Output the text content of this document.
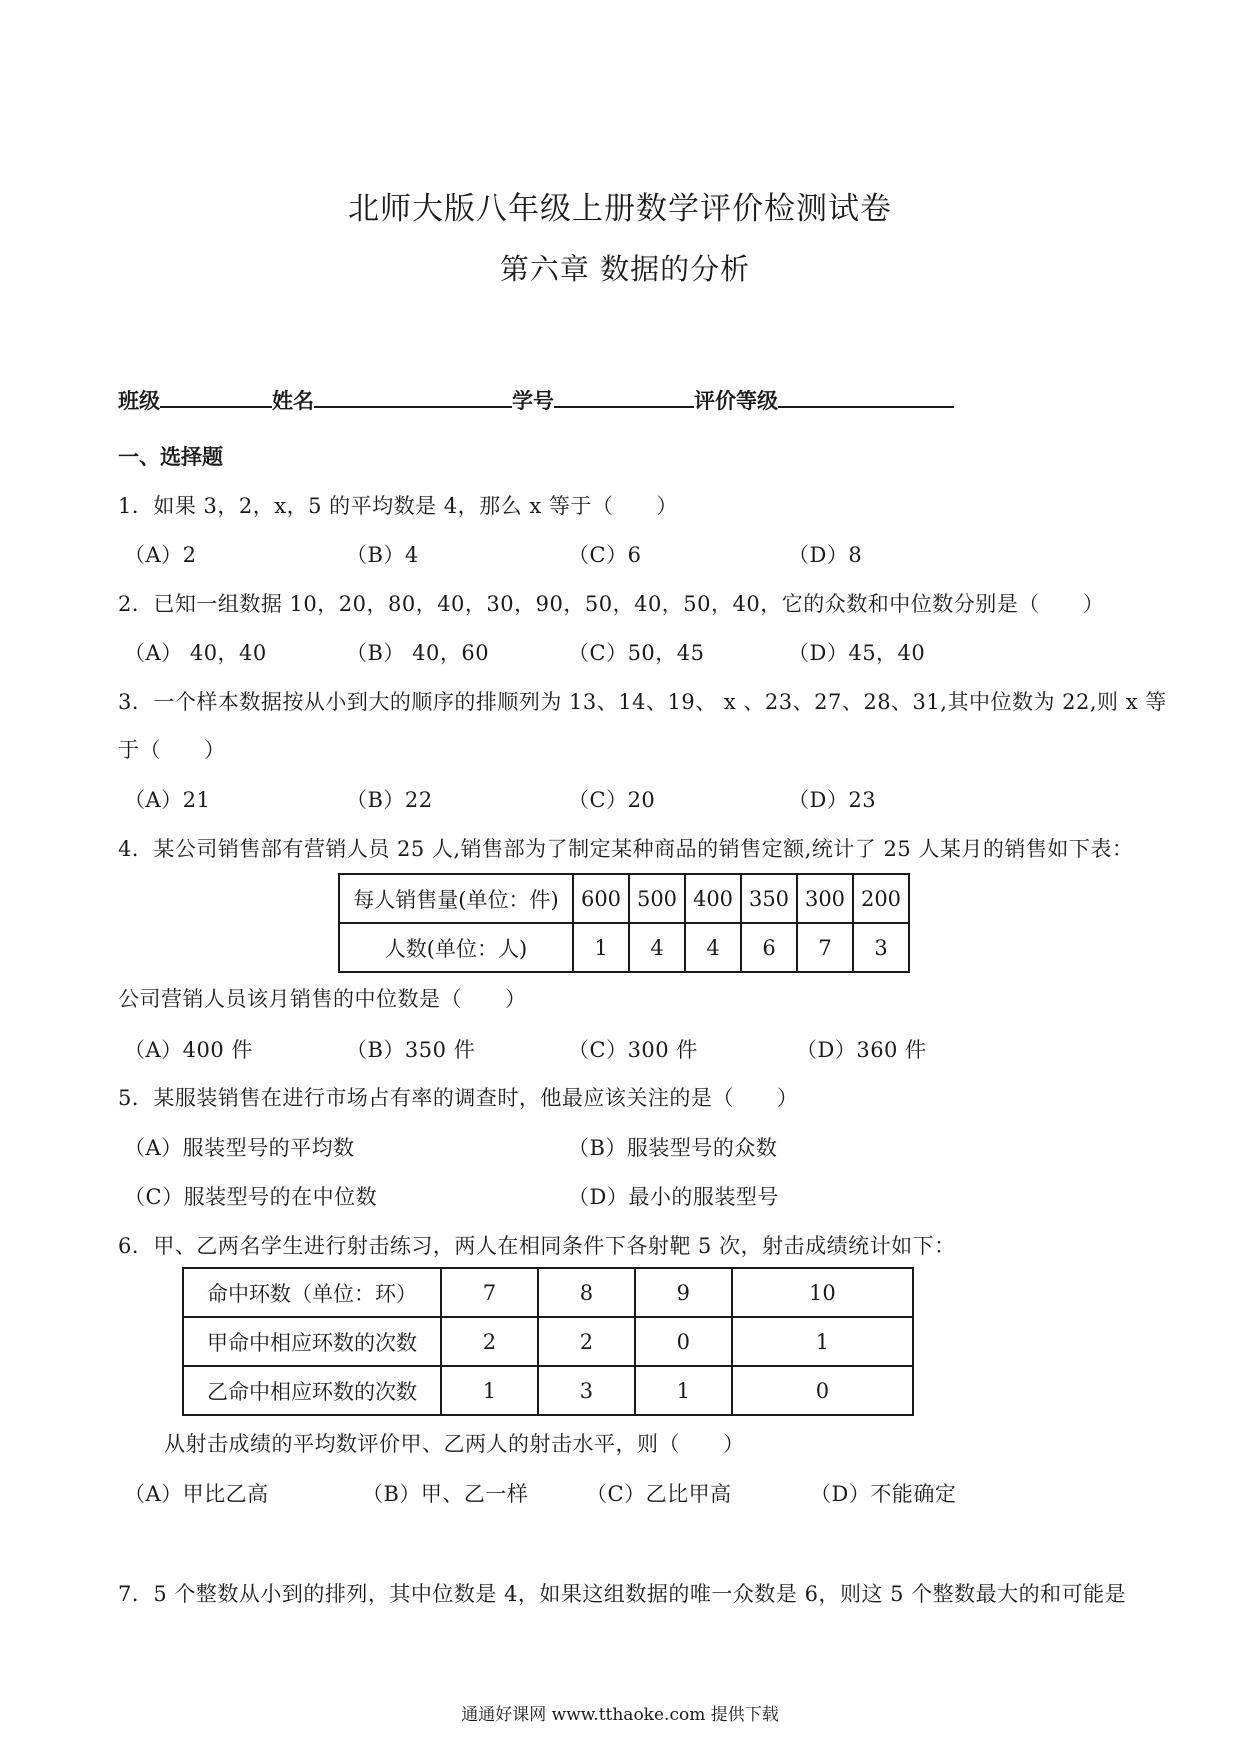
北师大版八年级上册数学评价检测试卷
第六章 数据的分析
班级	姓名	学号	评价等级
一、选择题
1．如果 3，2，x，5 的平均数是 4，那么 x 等于（　　）
（A）2	（B）4	（C）6	（D）8
2．已知一组数据 10，20，80，40，30，90，50，40，50，40，它的众数和中位数分别是（　　）
（A） 40，40	（B） 40，60	（C）50，45	（D）45，40
3．一个样本数据按从小到大的顺序的排顺列为 13、14、19、 x 、23、27、28、31,其中位数为 22,则 x 等
于（　　）
（A）21	（B）22	（C）20	（D）23
4．某公司销售部有营销人员 25 人,销售部为了制定某种商品的销售定额,统计了 25 人某月的销售如下表：
每人销售量(单位：件)	600	500	400	350	300	200
人数(单位：人)	1	4	4	6	7	3
公司营销人员该月销售的中位数是（　　）
（A）400 件	（B）350 件	（C）300 件	（D）360 件
5．某服装销售在进行市场占有率的调查时，他最应该关注的是（　　）
（A）服装型号的平均数	（B）服装型号的众数
（C）服装型号的在中位数	（D）最小的服装型号
6．甲、乙两名学生进行射击练习，两人在相同条件下各射靶 5 次，射击成绩统计如下：
命中环数（单位：环）	7	8	9	10
甲命中相应环数的次数	2	2	0	1
乙命中相应环数的次数	1	3	1	0
从射击成绩的平均数评价甲、乙两人的射击水平，则（　　）
（A）甲比乙高	（B）甲、乙一样	（C）乙比甲高	（D）不能确定
7．5 个整数从小到的排列，其中位数是 4，如果这组数据的唯一众数是 6，则这 5 个整数最大的和可能是
通通好课网 www.tthaoke.com 提供下载
